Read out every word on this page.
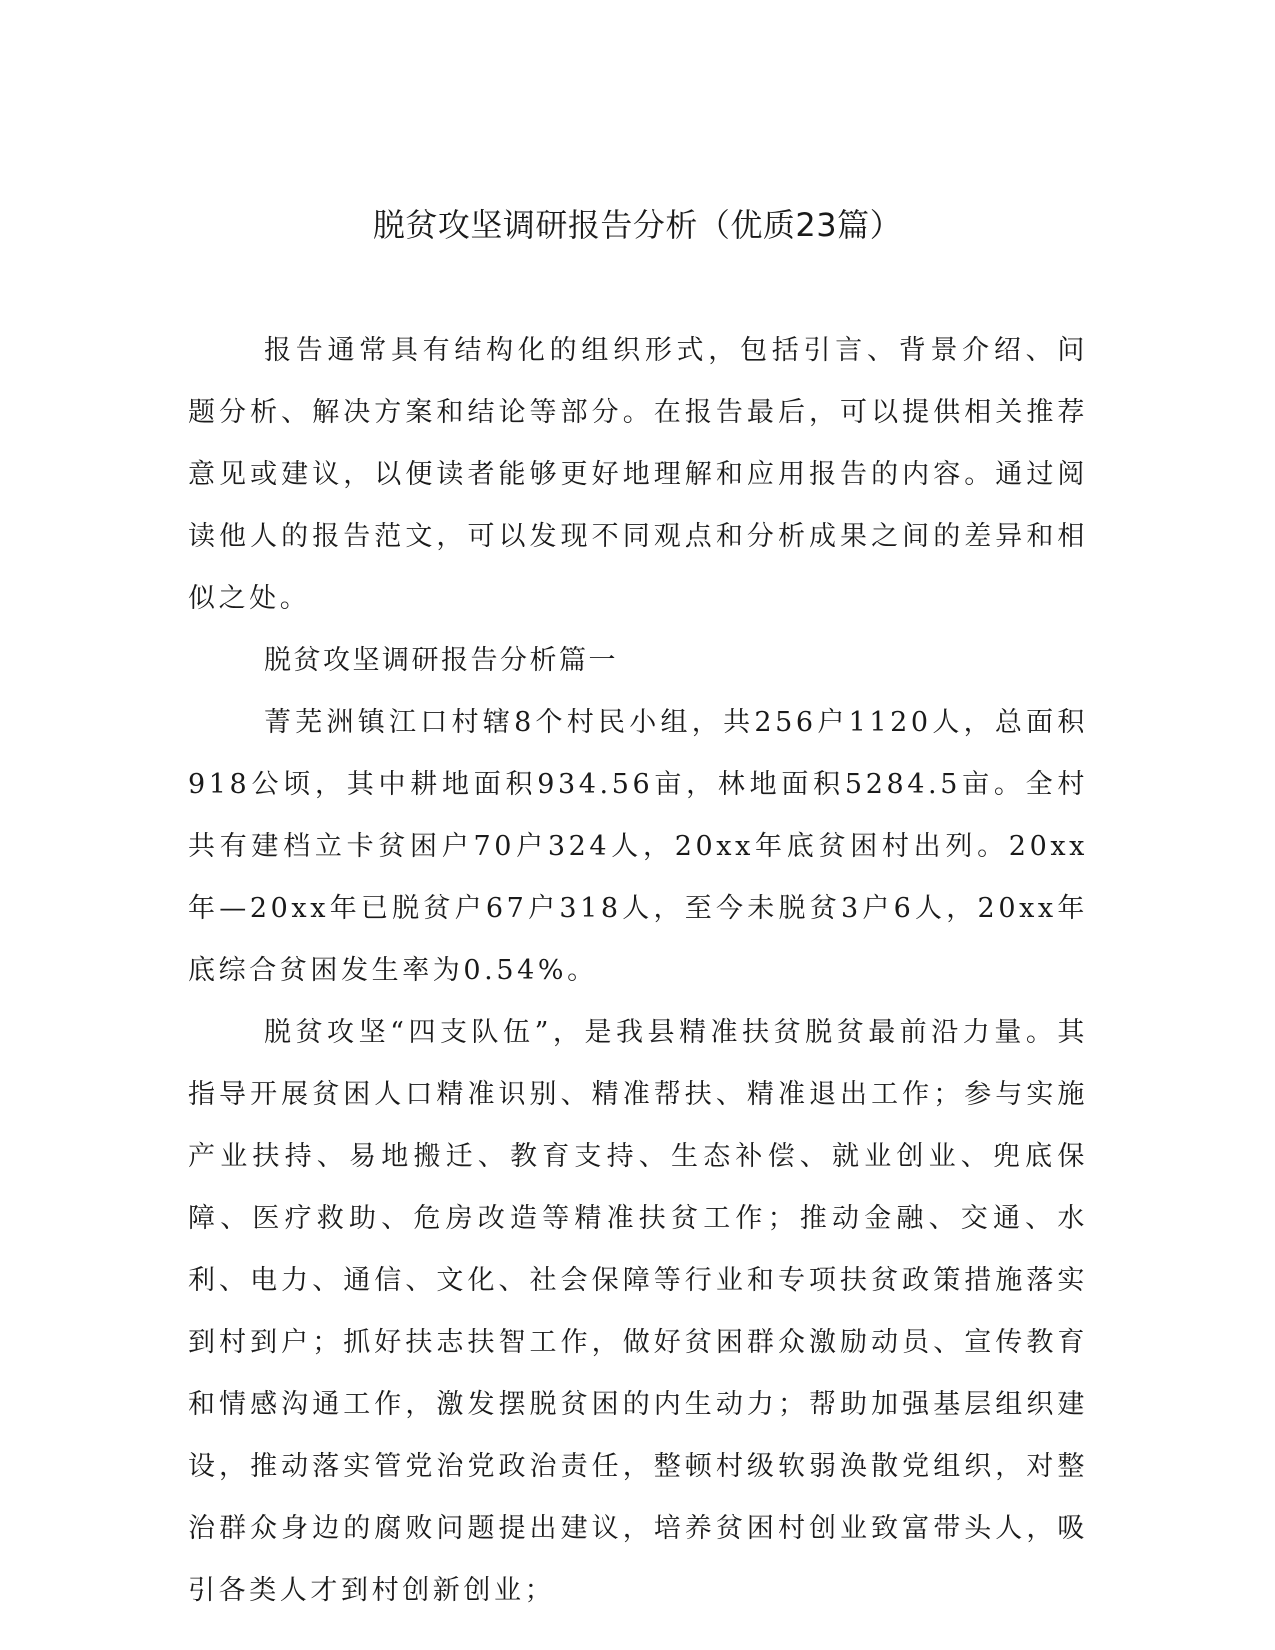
脱贫攻坚调研报告分析（优质23篇）

报告通常具有结构化的组织形式，包括引言、背景介绍、问题分析、解决方案和结论等部分。在报告最后，可以提供相关推荐意见或建议，以便读者能够更好地理解和应用报告的内容。通过阅读他人的报告范文，可以发现不同观点和分析成果之间的差异和相似之处。

脱贫攻坚调研报告分析篇一

菁芜洲镇江口村辖8个村民小组，共256户1120人，总面积918公顷，其中耕地面积934.56亩，林地面积5284.5亩。全村共有建档立卡贫困户70户324人，20xx年底贫困村出列。20xx年—20xx年已脱贫户67户318人，至今未脱贫3户6人，20xx年底综合贫困发生率为0.54%。

脱贫攻坚“四支队伍”，是我县精准扶贫脱贫最前沿力量。其指导开展贫困人口精准识别、精准帮扶、精准退出工作；参与实施产业扶持、易地搬迁、教育支持、生态补偿、就业创业、兜底保障、医疗救助、危房改造等精准扶贫工作；推动金融、交通、水利、电力、通信、文化、社会保障等行业和专项扶贫政策措施落实到村到户；抓好扶志扶智工作，做好贫困群众激励动员、宣传教育和情感沟通工作，激发摆脱贫困的内生动力；帮助加强基层组织建设，推动落实管党治党政治责任，整顿村级软弱涣散党组织，对整治群众身边的腐败问题提出建议，培养贫困村创业致富带头人，吸引各类人才到村创新创业；
